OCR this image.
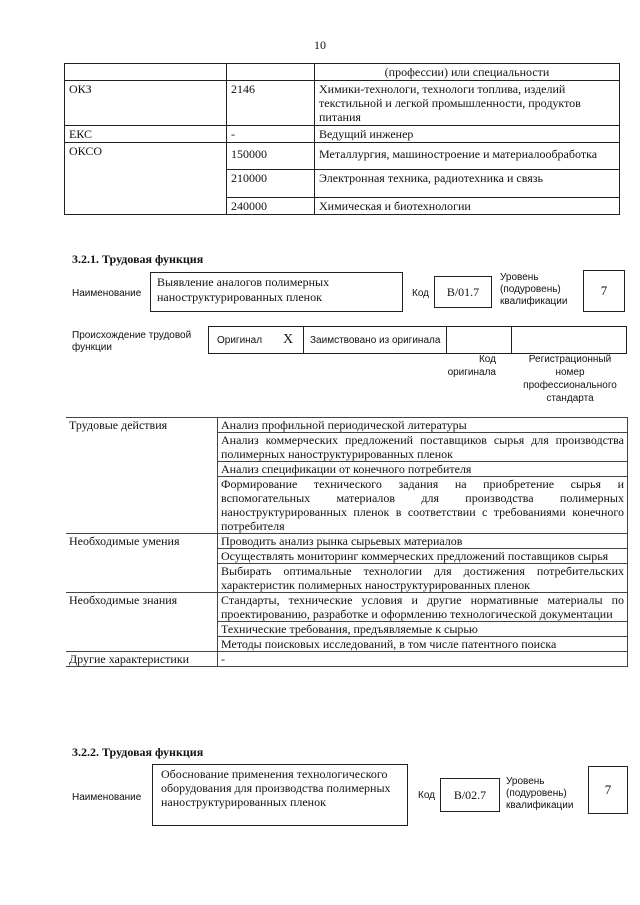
10
		(профессии) или специальности
ОКЗ	2146	Химики-технологи, технологи топлива, изделий текстильной и легкой промышленности, продуктов питания
ЕКС	-	Ведущий инженер
ОКСО	150000	Металлургия, машиностроение и материалообработка
	210000	Электронная техника, радиотехника и связь
	240000	Химическая и биотехнологии
3.2.1. Трудовая функция
Наименование
Выявление аналогов полимерных наноструктурированных пленок	Код	B/01.7
Уровень (подуровень) квалификации
7
Происхождение трудовой функции
Оригинал X Заимствовано из оригинала
Код оригинала
Регистрационный номер профессионального стандарта
Трудовые действия	Анализ профильной периодической литературы
	Анализ коммерческих предложений поставщиков сырья для производства полимерных наноструктурированных пленок
	Анализ спецификации от конечного потребителя
	Формирование технического задания на приобретение сырья и вспомогательных материалов для производства полимерных наноструктурированных пленок в соответствии с требованиями конечного потребителя
Необходимые умения	Проводить анализ рынка сырьевых материалов
	Осуществлять мониторинг коммерческих предложений поставщиков сырья
	Выбирать оптимальные технологии для достижения потребительских характеристик полимерных наноструктурированных пленок
Необходимые знания	Стандарты, технические условия и другие нормативные материалы по проектированию, разработке и оформлению технологической документации
	Технические требования, предъявляемые к сырью
	Методы поисковых исследований, в том числе патентного поиска
Другие характеристики	-
3.2.2. Трудовая функция
Наименование
Обоснование применения технологического оборудования для производства полимерных наноструктурированных пленок	Код	B/02.7
Уровень (подуровень) квалификации
7
